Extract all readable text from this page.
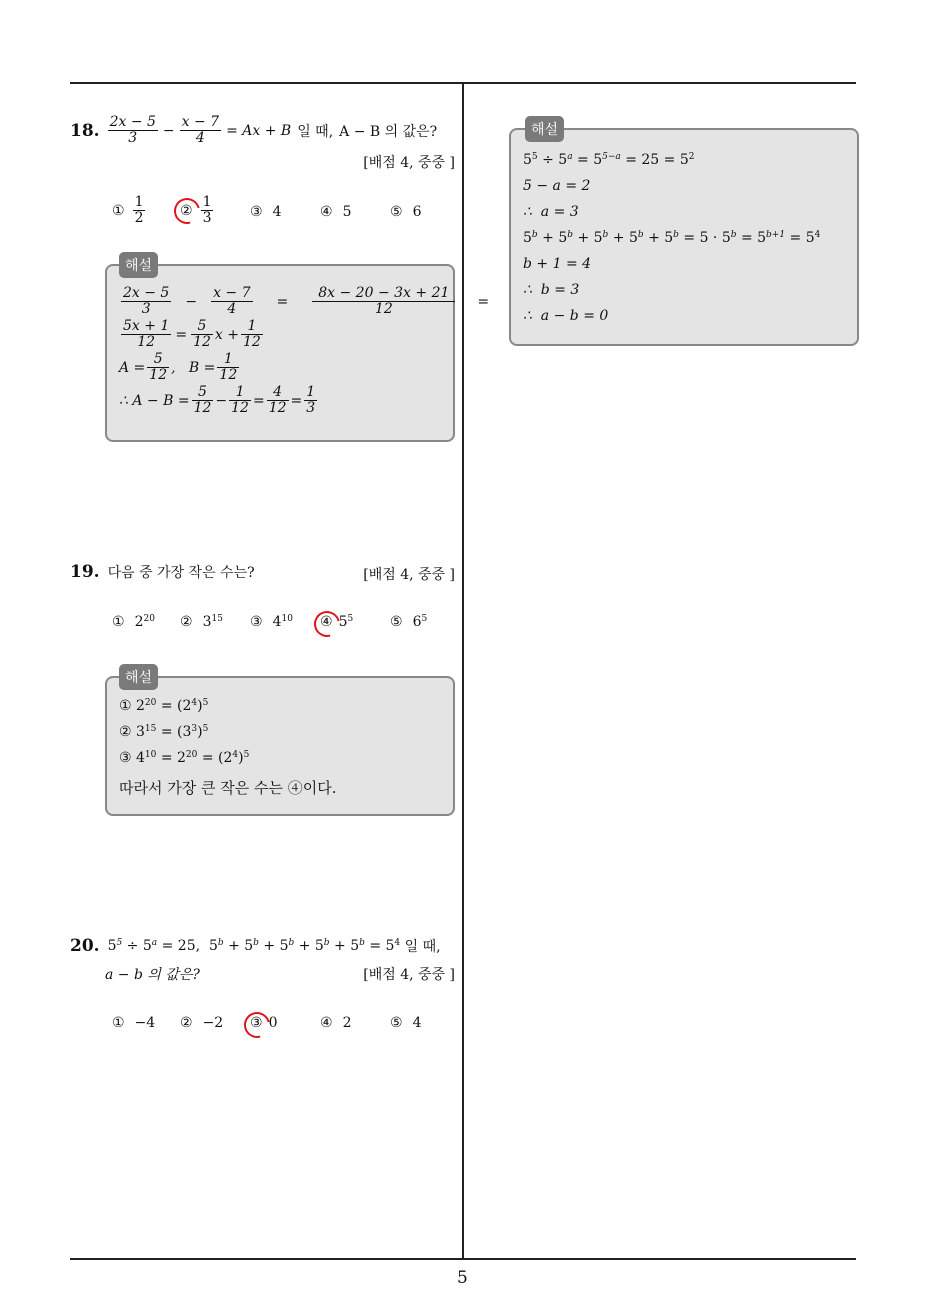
5
18. $\frac{2x - 5}{3} - \frac{x - 7}{4} = Ax + B$ 일 때, A − B 의 값은?
[배점 4, 중중 ]
① $\frac{1}{2}$ ② $\frac{1}{3}$	③ 4	④ 5	⑤ 6
해설
$\frac{2x - 5}{3} - \frac{x - 7}{4} = \frac{8x - 20 - 3x + 21}{12}$ =
$\frac{5x + 1}{12} = \frac{5}{12}$ $x + \frac{1}{12}$
$A = \frac{5}{12}$ ,   $B = \frac{1}{12}$
∴ $A - B = \frac{5}{12} - \frac{1}{12} = \frac{4}{12} = \frac{1}{3}$
19. 다음 중 가장 작은 수는?	[배점 4, 중중 ]
① $2^{20}$ ② $3^{15}$ ③ $4^{10}$ ④ $5^5$	⑤ $6^5$
해설
① $2^{20} = (2^4$ )$^5$
② $3^{15} = (3^3$ )$^5$
③ $4^{10} = 2^{20} = (2^4$ )$^5$
따라서 가장 큰 작은 수는 ④이다.
20. $5^5 \div 5^a = 25$,  $5^b + 5^b + 5^b + 5^b + 5^b = 5^4$ 일 때,
a − b 의 값은?	[배점 4, 중중 ]
① −4 ② −2 ③ 0	④ 2	⑤ 4
해설
$5^5 \div 5^a = 5^{5-a} = 25 = 5^2$
5 − a = 2
∴  a = 3
$5^b + 5^b + 5^b + 5^b + 5^b = 5 \cdot 5^b = 5^{b+1} = 5^4$
b + 1 = 4
∴  b = 3
∴  a − b = 0
